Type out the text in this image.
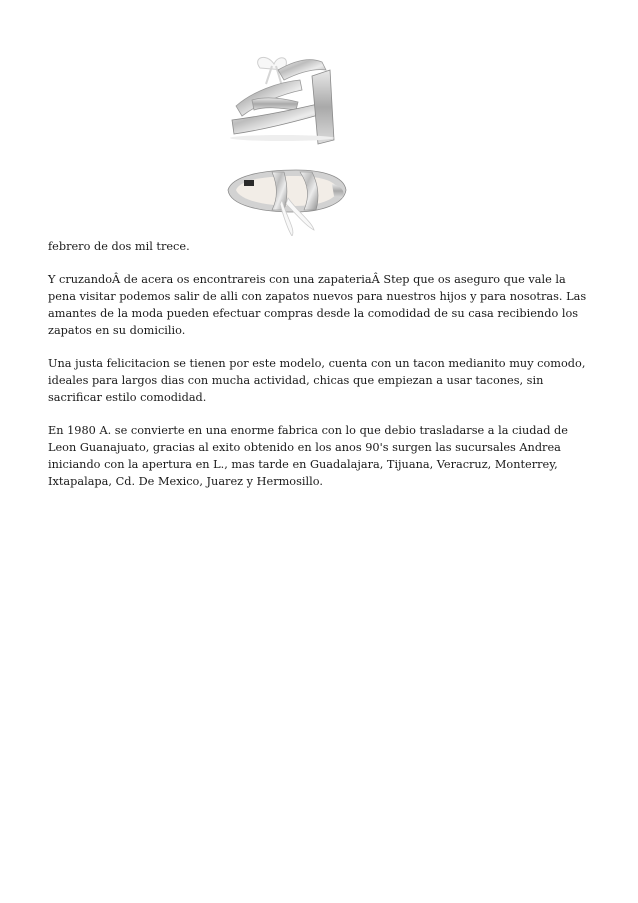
febrero de dos mil trece.

Y cruzandoÂ de acera os encontrareis con una zapateriaÂ Step que os aseguro que vale la pena visitar podemos salir de alli con zapatos nuevos para nuestros hijos y para nosotras. Las amantes de la moda pueden efectuar compras desde la comodidad de su casa recibiendo los zapatos en su domicilio.

Una justa felicitacion se tienen por este modelo, cuenta con un tacon medianito muy comodo, ideales para largos dias con mucha actividad, chicas que empiezan a usar tacones, sin sacrificar estilo comodidad.

En 1980 A. se convierte en una enorme fabrica con lo que debio trasladarse a la ciudad de Leon Guanajuato, gracias al exito obtenido en los anos 90's surgen las sucursales Andrea iniciando con la apertura en L., mas tarde en Guadalajara, Tijuana, Veracruz, Monterrey, Ixtapalapa, Cd. De Mexico, Juarez y Hermosillo.
